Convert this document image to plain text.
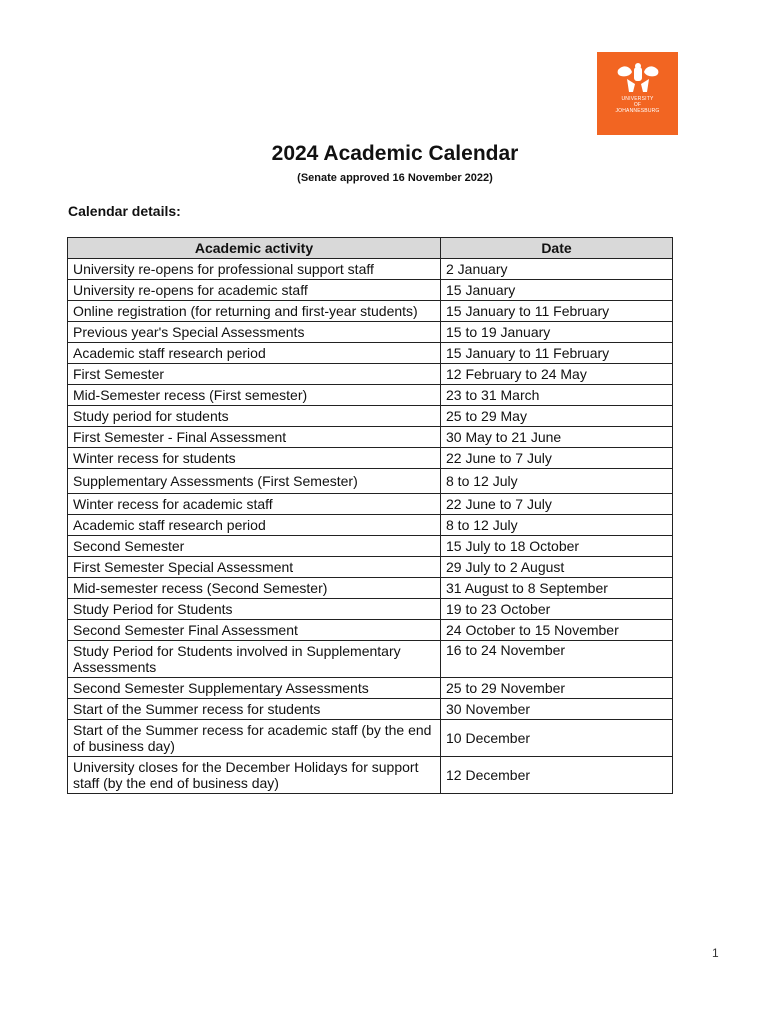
UNIVERSITY
OF
JOHANNESBURG
2024 Academic Calendar
(Senate approved 16 November 2022)
Calendar details:
Academic activity	Date
University re-opens for professional support staff	2 January
University re-opens for academic staff	15 January
Online registration (for returning and first-year students)	15 January to 11 February
Previous year's Special Assessments	15 to 19 January
Academic staff research period	15 January to 11 February
First Semester	12 February to 24 May
Mid-Semester recess (First semester)	23 to 31 March
Study period for students	25 to 29 May
First Semester - Final Assessment	30 May to 21 June
Winter recess for students	22 June to 7 July
Supplementary Assessments (First Semester)	8 to 12 July
Winter recess for academic staff	22 June to 7 July
Academic staff research period	8 to 12 July
Second Semester	15 July to 18 October
First Semester Special Assessment	29 July to 2 August
Mid-semester recess (Second Semester)	31 August to 8 September
Study Period for Students	19 to 23 October
Second Semester Final Assessment	24 October to 15 November
Study Period for Students involved in Supplementary Assessments	16 to 24 November
Second Semester Supplementary Assessments	25 to 29 November
Start of the Summer recess for students	30 November
Start of the Summer recess for academic staff (by the end of business day)	10 December
University closes for the December Holidays for support staff (by the end of business day)	12 December
1
